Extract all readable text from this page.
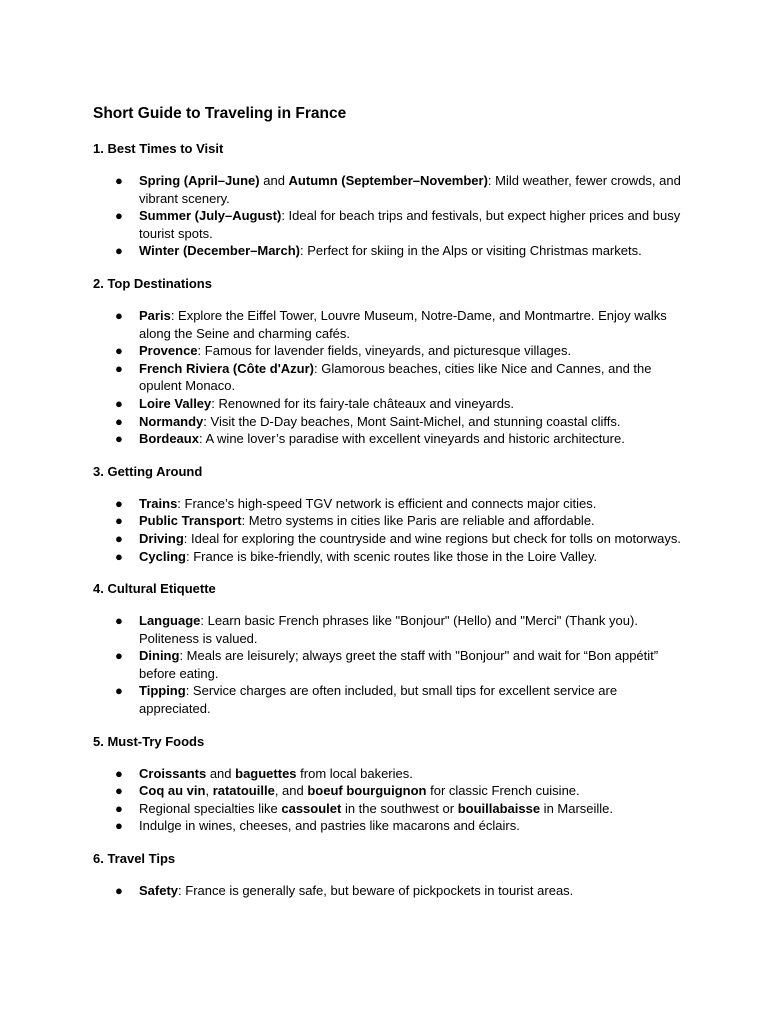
Short Guide to Traveling in France
1. Best Times to Visit
● Spring (April–June) and Autumn (September–November): Mild weather, fewer crowds, and vibrant scenery.
● Summer (July–August): Ideal for beach trips and festivals, but expect higher prices and busy tourist spots.
● Winter (December–March): Perfect for skiing in the Alps or visiting Christmas markets.
2. Top Destinations
● Paris: Explore the Eiffel Tower, Louvre Museum, Notre-Dame, and Montmartre. Enjoy walks along the Seine and charming cafés.
● Provence: Famous for lavender fields, vineyards, and picturesque villages.
● French Riviera (Côte d'Azur): Glamorous beaches, cities like Nice and Cannes, and the opulent Monaco.
● Loire Valley: Renowned for its fairy-tale châteaux and vineyards.
● Normandy: Visit the D-Day beaches, Mont Saint-Michel, and stunning coastal cliffs.
● Bordeaux: A wine lover’s paradise with excellent vineyards and historic architecture.
3. Getting Around
● Trains: France’s high-speed TGV network is efficient and connects major cities.
● Public Transport: Metro systems in cities like Paris are reliable and affordable.
● Driving: Ideal for exploring the countryside and wine regions but check for tolls on motorways.
● Cycling: France is bike-friendly, with scenic routes like those in the Loire Valley.
4. Cultural Etiquette
● Language: Learn basic French phrases like "Bonjour" (Hello) and "Merci" (Thank you). Politeness is valued.
● Dining: Meals are leisurely; always greet the staff with "Bonjour" and wait for “Bon appétit” before eating.
● Tipping: Service charges are often included, but small tips for excellent service are appreciated.
5. Must-Try Foods
● Croissants and baguettes from local bakeries.
● Coq au vin, ratatouille, and boeuf bourguignon for classic French cuisine.
● Regional specialties like cassoulet in the southwest or bouillabaisse in Marseille.
● Indulge in wines, cheeses, and pastries like macarons and éclairs.
6. Travel Tips
● Safety: France is generally safe, but beware of pickpockets in tourist areas.
